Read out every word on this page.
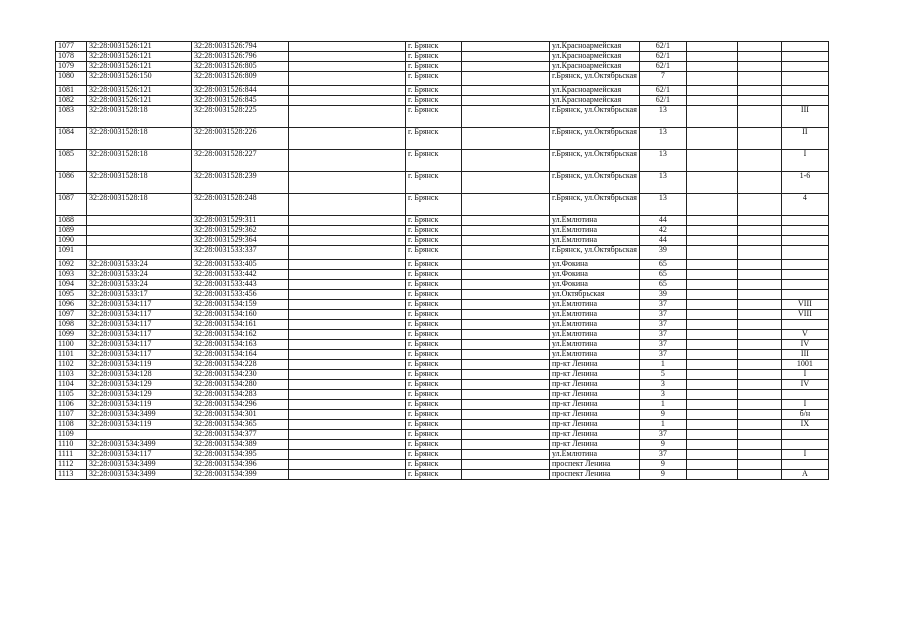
1077	32:28:0031526:121	32:28:0031526:794		г. Брянск		ул.Красноармейская	62/1			
1078	32:28:0031526:121	32:28:0031526:796		г. Брянск		ул.Красноармейская	62/1			
1079	32:28:0031526:121	32:28:0031526:805		г. Брянск		ул.Красноармейская	62/1			
1080	32:28:0031526:150	32:28:0031526:809		г. Брянск		г.Брянск, ул.Октябрьская	7			
1081	32:28:0031526:121	32:28:0031526:844		г. Брянск		ул.Красноармейская	62/1			
1082	32:28:0031526:121	32:28:0031526:845		г. Брянск		ул.Красноармейская	62/1			
1083	32:28:0031528:18	32:28:0031528:225		г. Брянск		г.Брянск, ул.Октябрьская	13			III
1084	32:28:0031528:18	32:28:0031528:226		г. Брянск		г.Брянск, ул.Октябрьская	13			II
1085	32:28:0031528:18	32:28:0031528:227		г. Брянск		г.Брянск, ул.Октябрьская	13			I
1086	32:28:0031528:18	32:28:0031528:239		г. Брянск		г.Брянск, ул.Октябрьская	13			1-6
1087	32:28:0031528:18	32:28:0031528:248		г. Брянск		г.Брянск, ул.Октябрьская	13			4
1088		32:28:0031529:311		г. Брянск		ул.Емлютина	44			
1089		32:28:0031529:362		г. Брянск		ул.Емлютина	42			
1090		32:28:0031529:364		г. Брянск		ул.Емлютина	44			
1091		32:28:0031533:337		г. Брянск		г.Брянск, ул.Октябрьская	39			
1092	32:28:0031533:24	32:28:0031533:405		г. Брянск		ул.Фокина	65			
1093	32:28:0031533:24	32:28:0031533:442		г. Брянск		ул.Фокина	65			
1094	32:28:0031533:24	32:28:0031533:443		г. Брянск		ул.Фокина	65			
1095	32:28:0031533:17	32:28:0031533:456		г. Брянск		ул.Октябрьская	39			
1096	32:28:0031534:117	32:28:0031534:159		г. Брянск		ул.Емлютина	37			VIII
1097	32:28:0031534:117	32:28:0031534:160		г. Брянск		ул.Емлютина	37			VIII
1098	32:28:0031534:117	32:28:0031534:161		г. Брянск		ул.Емлютина	37			
1099	32:28:0031534:117	32:28:0031534:162		г. Брянск		ул.Емлютина	37			V
1100	32:28:0031534:117	32:28:0031534:163		г. Брянск		ул.Емлютина	37			IV
1101	32:28:0031534:117	32:28:0031534:164		г. Брянск		ул.Емлютина	37			III
1102	32:28:0031534:119	32:28:0031534:228		г. Брянск		пр-кт Ленина	1			1001
1103	32:28:0031534:128	32:28:0031534:230		г. Брянск		пр-кт Ленина	5			I
1104	32:28:0031534:129	32:28:0031534:280		г. Брянск		пр-кт Ленина	3			IV
1105	32:28:0031534:129	32:28:0031534:283		г. Брянск		пр-кт Ленина	3			
1106	32:28:0031534:119	32:28:0031534:296		г. Брянск		пр-кт Ленина	1			I
1107	32:28:0031534:3499	32:28:0031534:301		г. Брянск		пр-кт Ленина	9			б/н
1108	32:28:0031534:119	32:28:0031534:365		г. Брянск		пр-кт Ленина	1			IX
1109		32:28:0031534:377		г. Брянск		пр-кт Ленина	37			
1110	32:28:0031534:3499	32:28:0031534:389		г. Брянск		пр-кт Ленина	9			
1111	32:28:0031534:117	32:28:0031534:395		г. Брянск		ул.Емлютина	37			I
1112	32:28:0031534:3499	32:28:0031534:396		г. Брянск		проспект Ленина	9			
1113	32:28:0031534:3499	32:28:0031534:399		г. Брянск		проспект Ленина	9			А
